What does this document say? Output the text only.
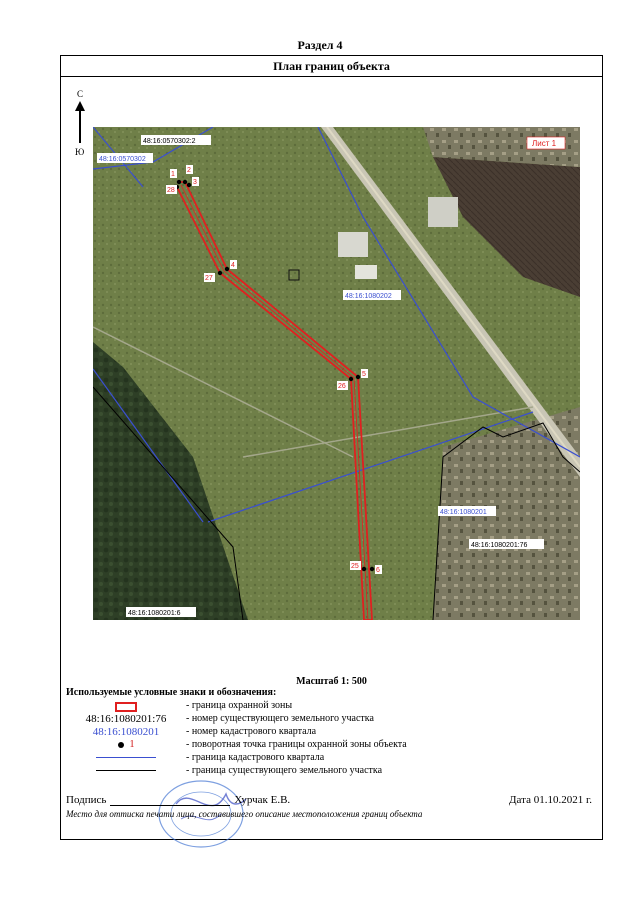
Раздел 4
План границ объекта
С
Ю
48:16:0570302:2
48:16:0570302
48:16:1080202
48:16:1080201
48:16:1080201:6
48:16:1080201:76
Лист 1
1
2
3
28
4
27
5
26
6
25
Масштаб 1: 500
Используемые условные знаки и обозначения:
- граница охранной зоны
48:16:1080201:76	- номер существующего земельного участка
48:16:1080201	- номер кадастрового квартала
1	- поворотная точка границы охранной зоны объекта
- граница кадастрового квартала
- граница существующего земельного участка
Подпись	Хурчак Е.В.	Дата 01.10.2021 г.
Место для оттиска печати лица, составившего описание местоположения границ объекта
